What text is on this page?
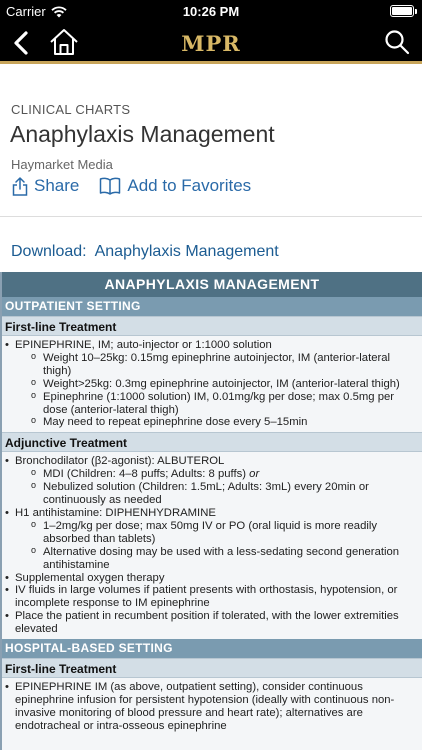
Carrier	10:26 PM
MPR
CLINICAL CHARTS
Anaphylaxis Management
Haymarket Media
Share	Add to Favorites
Download: Anaphylaxis Management
ANAPHYLAXIS MANAGEMENT
OUTPATIENT SETTING
First-line Treatment
• EPINEPHRINE, IM; auto-injector or 1:1000 solution
o Weight 10–25kg: 0.15mg epinephrine autoinjector, IM (anterior-lateral thigh)
o Weight>25kg: 0.3mg epinephrine autoinjector, IM (anterior-lateral thigh)
o Epinephrine (1:1000 solution) IM, 0.01mg/kg per dose; max 0.5mg per dose (anterior-lateral thigh)
o May need to repeat epinephrine dose every 5–15min
Adjunctive Treatment
• Bronchodilator (β2-agonist): ALBUTEROL
o MDI (Children: 4–8 puffs; Adults: 8 puffs) or
o Nebulized solution (Children: 1.5mL; Adults: 3mL) every 20min or continuously as needed
• H1 antihistamine: DIPHENHYDRAMINE
o 1–2mg/kg per dose; max 50mg IV or PO (oral liquid is more readily absorbed than tablets)
o Alternative dosing may be used with a less-sedating second generation antihistamine
• Supplemental oxygen therapy
• IV fluids in large volumes if patient presents with orthostasis, hypotension, or incomplete response to IM epinephrine
• Place the patient in recumbent position if tolerated, with the lower extremities elevated
HOSPITAL-BASED SETTING
First-line Treatment
• EPINEPHRINE IM (as above, outpatient setting), consider continuous epinephrine infusion for persistent hypotension (ideally with continuous non-invasive monitoring of blood pressure and heart rate); alternatives are endotracheal or intra-osseous epinephrine
